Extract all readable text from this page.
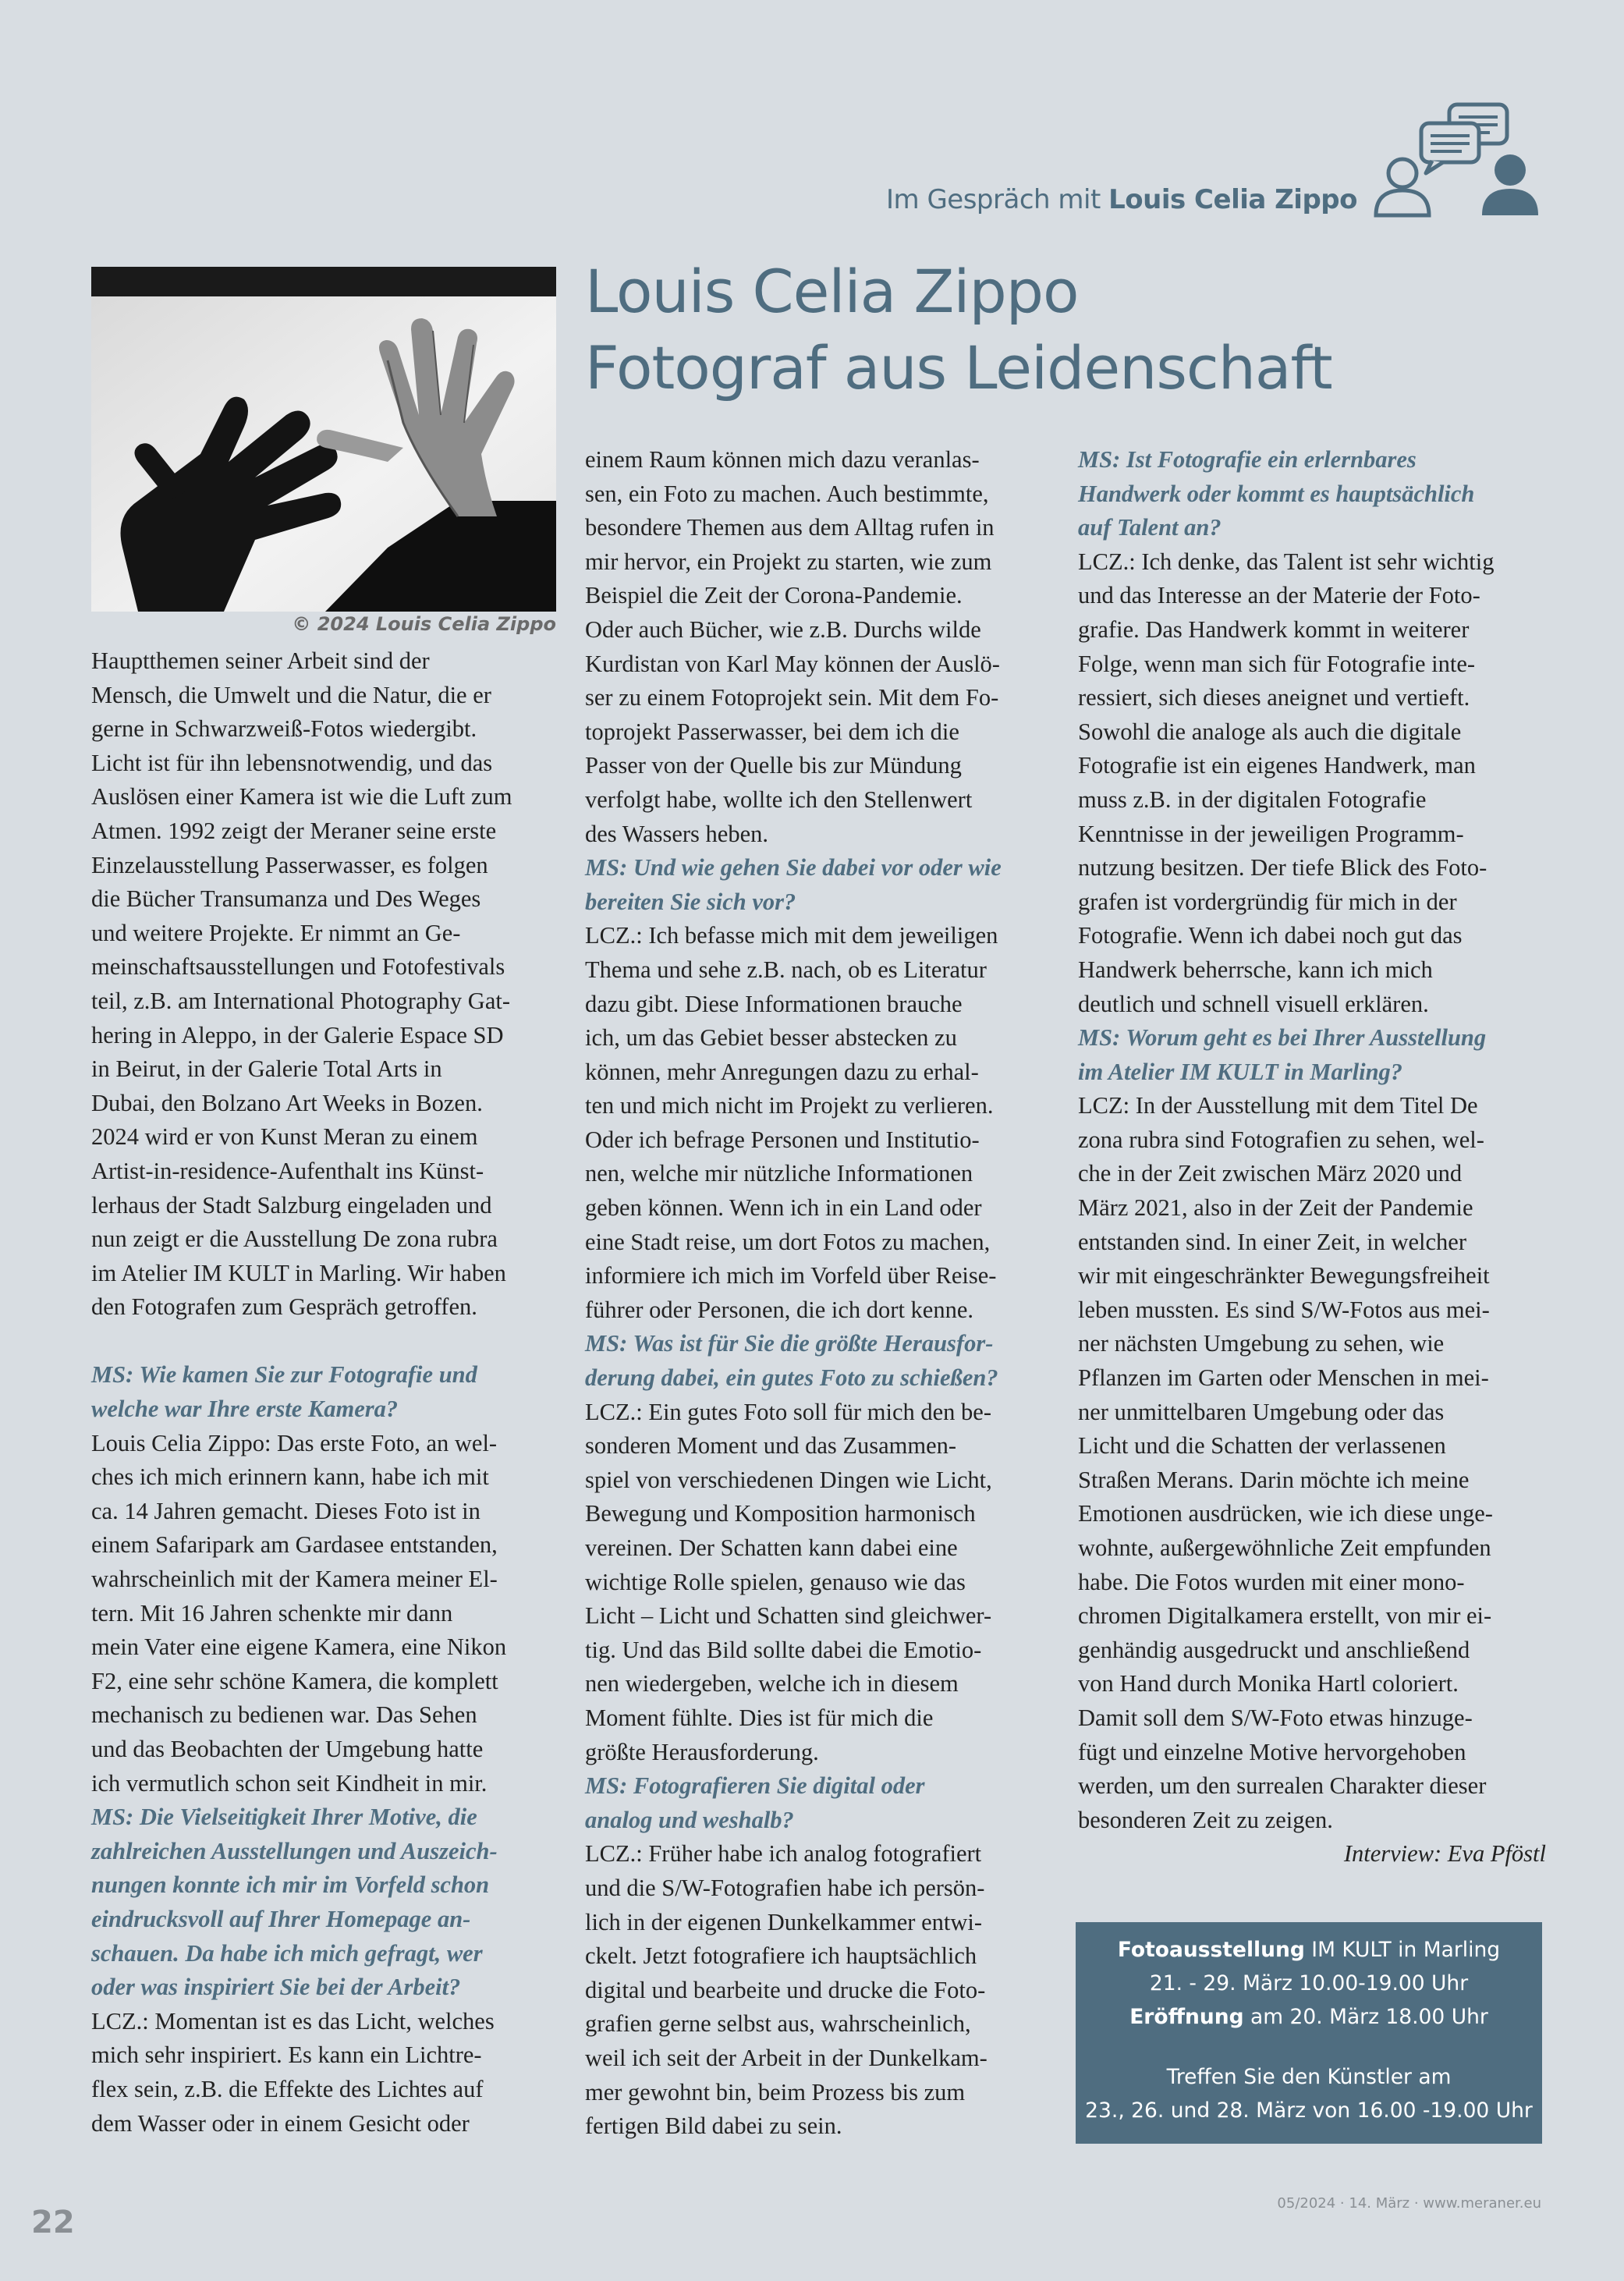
Im Gespräch mit Louis Celia Zippo
© 2024 Louis Celia Zippo
Louis Celia Zippo
Fotograf aus Leidenschaft
Hauptthemen seiner Arbeit sind der
Mensch, die Umwelt und die Natur, die er
gerne in Schwarzweiß-Fotos wiedergibt.
Licht ist für ihn lebensnotwendig, und das
Auslösen einer Kamera ist wie die Luft zum
Atmen. 1992 zeigt der Meraner seine erste
Einzelausstellung Passerwasser, es folgen
die Bücher Transumanza und Des Weges
und weitere Projekte. Er nimmt an Ge-
meinschaftsausstellungen und Fotofestivals
teil, z.B. am International Photography Gat-
hering in Aleppo, in der Galerie Espace SD
in Beirut, in der Galerie Total Arts in
Dubai, den Bolzano Art Weeks in Bozen.
2024 wird er von Kunst Meran zu einem
Artist-in-residence-Aufenthalt ins Künst-
lerhaus der Stadt Salzburg eingeladen und
nun zeigt er die Ausstellung De zona rubra
im Atelier IM KULT in Marling. Wir haben
den Fotografen zum Gespräch getroffen.
MS: Wie kamen Sie zur Fotografie und
welche war Ihre erste Kamera?
Louis Celia Zippo: Das erste Foto, an wel-
ches ich mich erinnern kann, habe ich mit
ca. 14 Jahren gemacht. Dieses Foto ist in
einem Safaripark am Gardasee entstanden,
wahrscheinlich mit der Kamera meiner El-
tern. Mit 16 Jahren schenkte mir dann
mein Vater eine eigene Kamera, eine Nikon
F2, eine sehr schöne Kamera, die komplett
mechanisch zu bedienen war. Das Sehen
und das Beobachten der Umgebung hatte
ich vermutlich schon seit Kindheit in mir.
MS: Die Vielseitigkeit Ihrer Motive, die
zahlreichen Ausstellungen und Auszeich-
nungen konnte ich mir im Vorfeld schon
eindrucksvoll auf Ihrer Homepage an-
schauen. Da habe ich mich gefragt, wer
oder was inspiriert Sie bei der Arbeit?
LCZ.: Momentan ist es das Licht, welches
mich sehr inspiriert. Es kann ein Lichtre-
flex sein, z.B. die Effekte des Lichtes auf
dem Wasser oder in einem Gesicht oder
einem Raum können mich dazu veranlas-
sen, ein Foto zu machen. Auch bestimmte,
besondere Themen aus dem Alltag rufen in
mir hervor, ein Projekt zu starten, wie zum
Beispiel die Zeit der Corona-Pandemie.
Oder auch Bücher, wie z.B. Durchs wilde
Kurdistan von Karl May können der Auslö-
ser zu einem Fotoprojekt sein. Mit dem Fo-
toprojekt Passerwasser, bei dem ich die
Passer von der Quelle bis zur Mündung
verfolgt habe, wollte ich den Stellenwert
des Wassers heben.
MS: Und wie gehen Sie dabei vor oder wie
bereiten Sie sich vor?
LCZ.: Ich befasse mich mit dem jeweiligen
Thema und sehe z.B. nach, ob es Literatur
dazu gibt. Diese Informationen brauche
ich, um das Gebiet besser abstecken zu
können, mehr Anregungen dazu zu erhal-
ten und mich nicht im Projekt zu verlieren.
Oder ich befrage Personen und Institutio-
nen, welche mir nützliche Informationen
geben können. Wenn ich in ein Land oder
eine Stadt reise, um dort Fotos zu machen,
informiere ich mich im Vorfeld über Reise-
führer oder Personen, die ich dort kenne.
MS: Was ist für Sie die größte Herausfor-
derung dabei, ein gutes Foto zu schießen?
LCZ.: Ein gutes Foto soll für mich den be-
sonderen Moment und das Zusammen-
spiel von verschiedenen Dingen wie Licht,
Bewegung und Komposition harmonisch
vereinen. Der Schatten kann dabei eine
wichtige Rolle spielen, genauso wie das
Licht – Licht und Schatten sind gleichwer-
tig. Und das Bild sollte dabei die Emotio-
nen wiedergeben, welche ich in diesem
Moment fühlte. Dies ist für mich die
größte Herausforderung.
MS: Fotografieren Sie digital oder
analog und weshalb?
LCZ.: Früher habe ich analog fotografiert
und die S/W-Fotografien habe ich persön-
lich in der eigenen Dunkelkammer entwi-
ckelt. Jetzt fotografiere ich hauptsächlich
digital und bearbeite und drucke die Foto-
grafien gerne selbst aus, wahrscheinlich,
weil ich seit der Arbeit in der Dunkelkam-
mer gewohnt bin, beim Prozess bis zum
fertigen Bild dabei zu sein.
MS: Ist Fotografie ein erlernbares
Handwerk oder kommt es hauptsächlich
auf Talent an?
LCZ.: Ich denke, das Talent ist sehr wichtig
und das Interesse an der Materie der Foto-
grafie. Das Handwerk kommt in weiterer
Folge, wenn man sich für Fotografie inte-
ressiert, sich dieses aneignet und vertieft.
Sowohl die analoge als auch die digitale
Fotografie ist ein eigenes Handwerk, man
muss z.B. in der digitalen Fotografie
Kenntnisse in der jeweiligen Programm-
nutzung besitzen. Der tiefe Blick des Foto-
grafen ist vordergründig für mich in der
Fotografie. Wenn ich dabei noch gut das
Handwerk beherrsche, kann ich mich
deutlich und schnell visuell erklären.
MS: Worum geht es bei Ihrer Ausstellung
im Atelier IM KULT in Marling?
LCZ: In der Ausstellung mit dem Titel De
zona rubra sind Fotografien zu sehen, wel-
che in der Zeit zwischen März 2020 und
März 2021, also in der Zeit der Pandemie
entstanden sind. In einer Zeit, in welcher
wir mit eingeschränkter Bewegungsfreiheit
leben mussten. Es sind S/W-Fotos aus mei-
ner nächsten Umgebung zu sehen, wie
Pflanzen im Garten oder Menschen in mei-
ner unmittelbaren Umgebung oder das
Licht und die Schatten der verlassenen
Straßen Merans. Darin möchte ich meine
Emotionen ausdrücken, wie ich diese unge-
wohnte, außergewöhnliche Zeit empfunden
habe. Die Fotos wurden mit einer mono-
chromen Digitalkamera erstellt, von mir ei-
genhändig ausgedruckt und anschließend
von Hand durch Monika Hartl coloriert.
Damit soll dem S/W-Foto etwas hinzuge-
fügt und einzelne Motive hervorgehoben
werden, um den surrealen Charakter dieser
besonderen Zeit zu zeigen.
Interview: Eva Pföstl
Fotoausstellung IM KULT in Marling
21. - 29. März 10.00-19.00 Uhr
Eröffnung am 20. März 18.00 Uhr
Treffen Sie den Künstler am
23., 26. und 28. März von 16.00 -19.00 Uhr
22
05/2024 · 14. März · www.meraner.eu
